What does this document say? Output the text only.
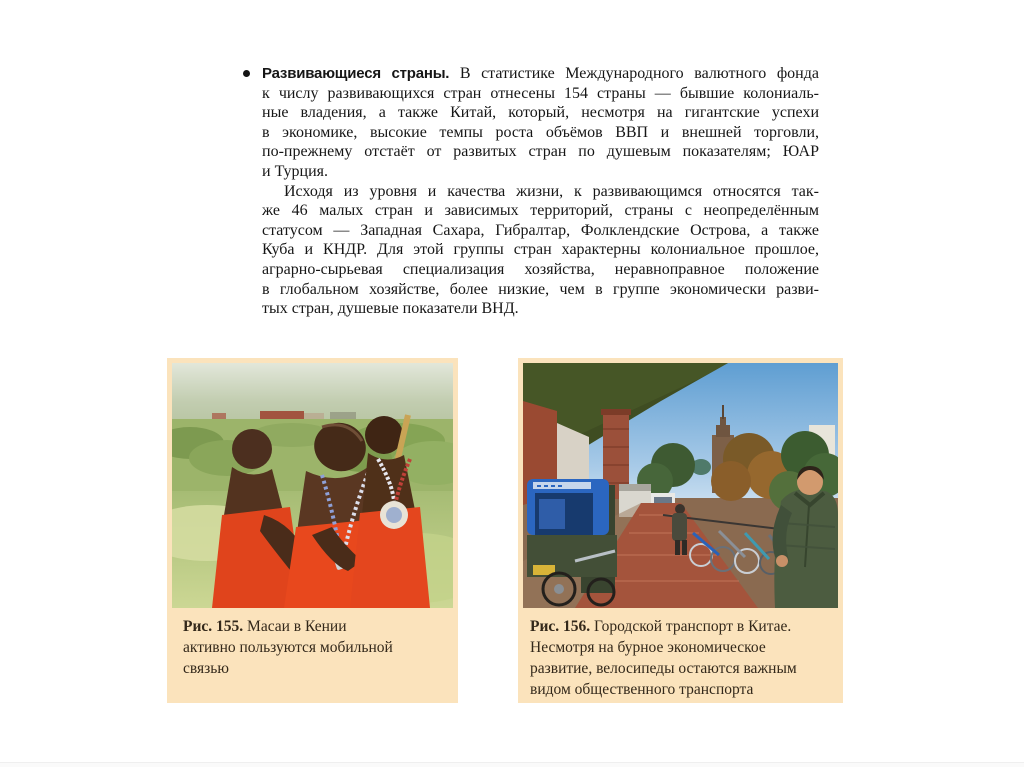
Развивающиеся страны. В статистике Международного валютного фонда
к числу развивающихся стран отнесены 154 страны — бывшие колониаль-
ные владения, а также Китай, который, несмотря на гигантские успехи
в экономике, высокие темпы роста объёмов ВВП и внешней торговли,
по-прежнему отстаёт от развитых стран по душевым показателям; ЮАР
и Турция.
Исходя из уровня и качества жизни, к развивающимся относятся так-
же 46 малых стран и зависимых территорий, страны с неопределённым
статусом — Западная Сахара, Гибралтар, Фолклендские Острова, а также
Куба и КНДР. Для этой группы стран характерны колониальное прошлое,
аграрно-сырьевая специализация хозяйства, неравноправное положение
в глобальном хозяйстве, более низкие, чем в группе экономически разви-
тых стран, душевые показатели ВНД.
Рис. 155. Масаи в Кении
активно пользуются мобильной
связью
Рис. 156. Городской транспорт в Китае.
Несмотря на бурное экономическое
развитие, велосипеды остаются важным
видом общественного транспорта
